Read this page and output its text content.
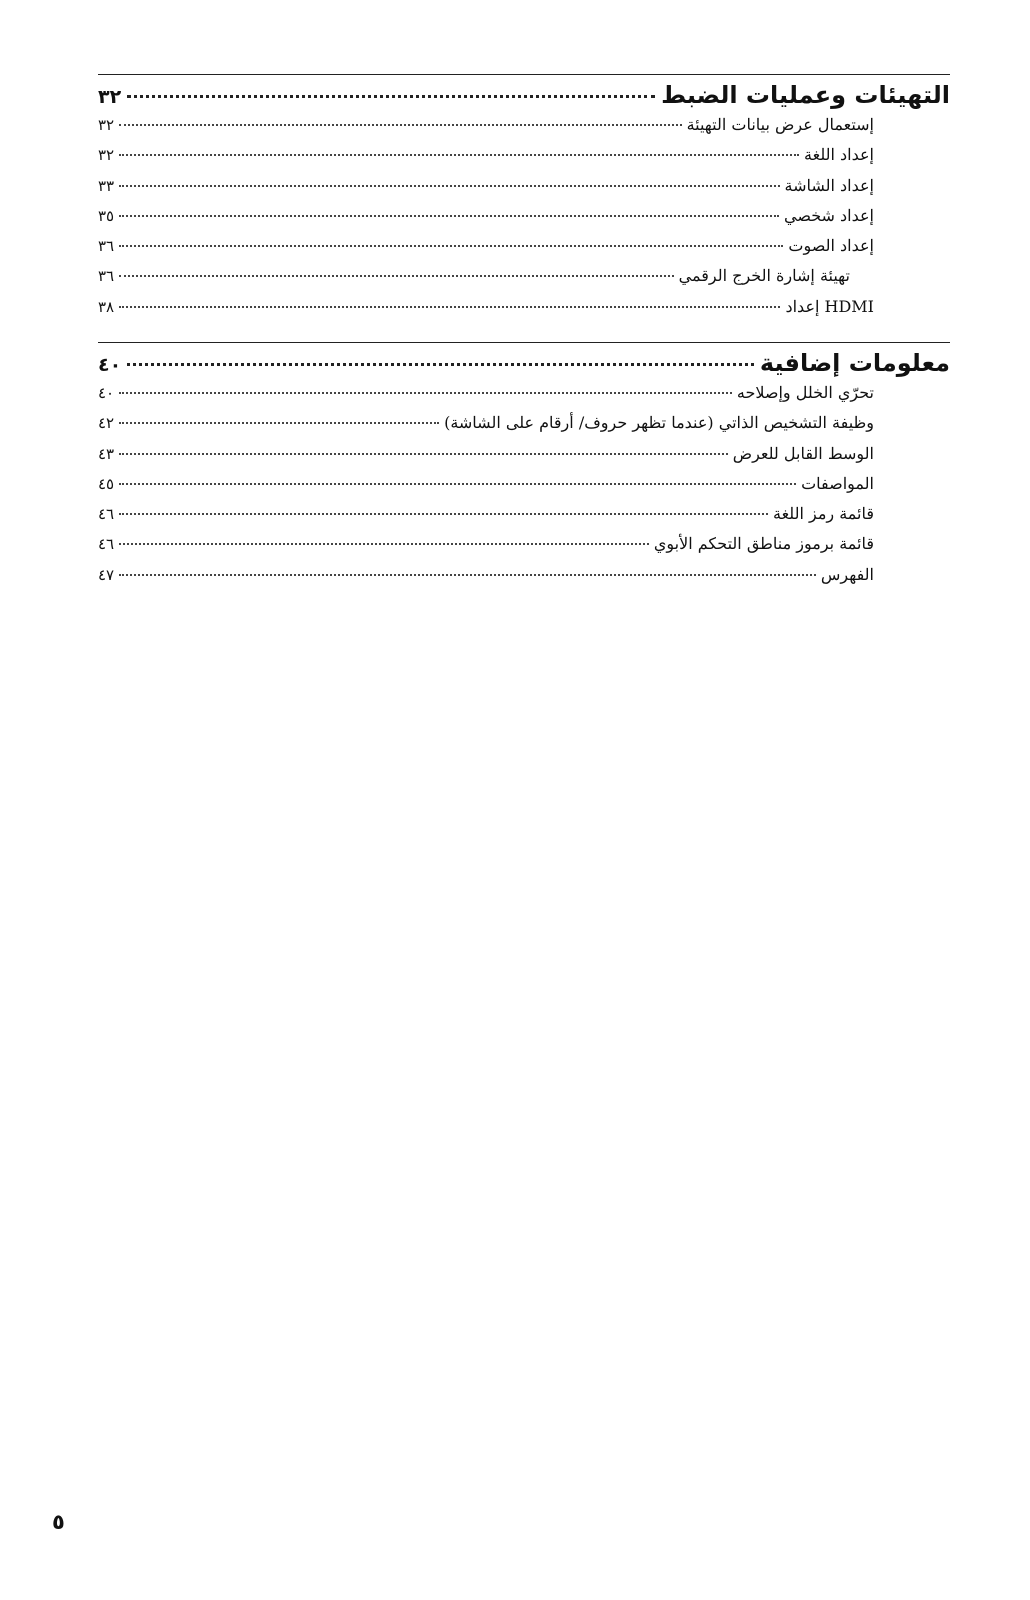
التهيئات وعمليات الضبط
٣٢
إستعمال عرض بيانات التهيئة
٣٢
إعداد اللغة
٣٢
إعداد الشاشة
٣٣
إعداد شخصي
٣٥
إعداد الصوت
٣٦
تهيئة إشارة الخرج الرقمي
٣٦
HDMI إعداد
٣٨
معلومات إضافية
٤٠
تحرّي الخلل وإصلاحه
٤٠
وظيفة التشخيص الذاتي (عندما تظهر حروف/ أرقام على الشاشة)
٤٢
الوسط القابل للعرض
٤٣
المواصفات
٤٥
قائمة رمز اللغة
٤٦
قائمة برموز مناطق التحكم الأبوي
٤٦
الفهرس
٤٧
٥
